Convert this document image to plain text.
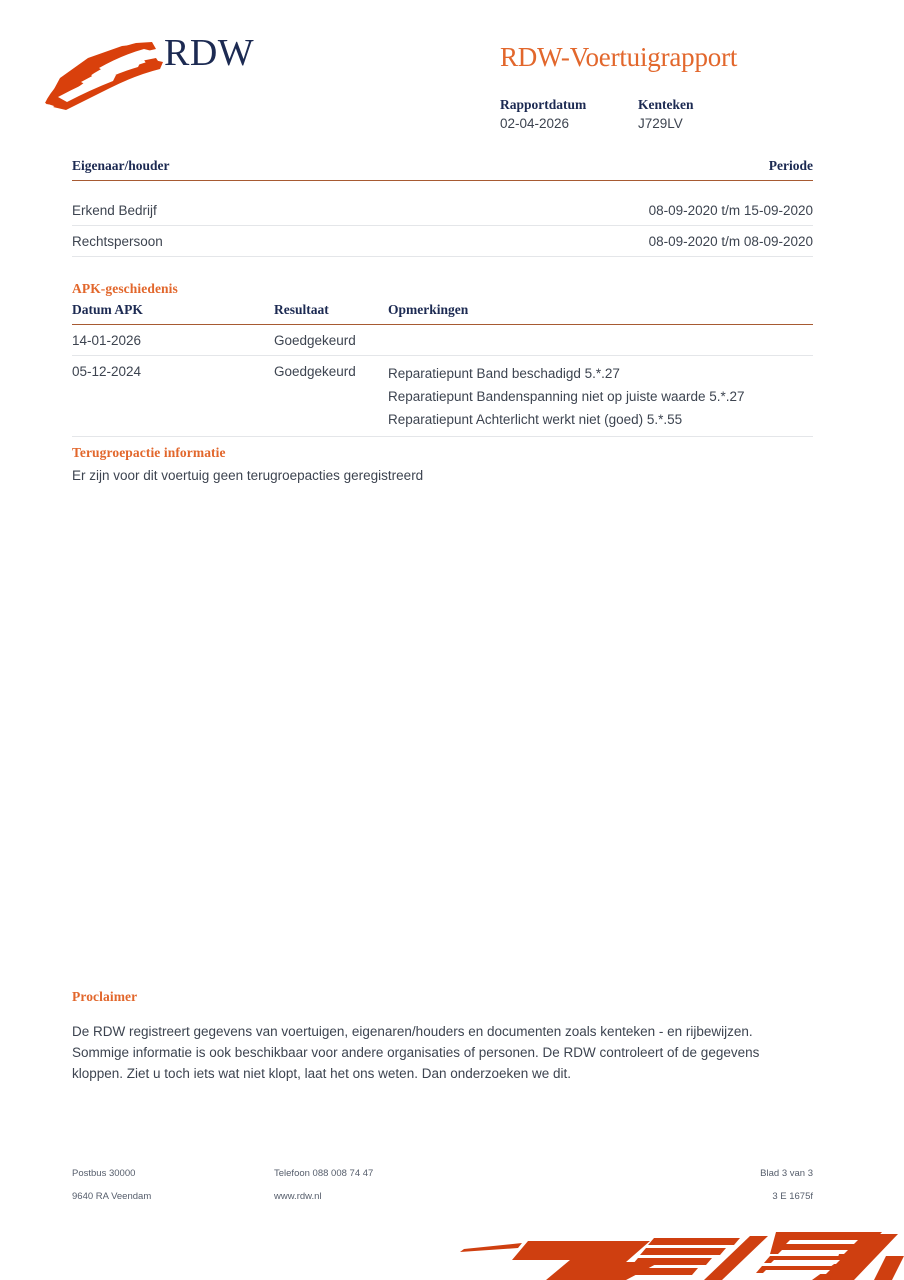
RDW	RDW-Voertuigrapport
Rapportdatum	Kenteken
02-04-2026	J729LV
Eigenaar/houder	Periode

Erkend Bedrijf	08-09-2020 t/m 15-09-2020
Rechtspersoon	08-09-2020 t/m 08-09-2020
APK-geschiedenis
Datum APK	Resultaat	Opmerkingen
14-01-2026	Goedgekeurd	
05-12-2024	Goedgekeurd	Reparatiepunt Band beschadigd 5.*.27
Reparatiepunt Bandenspanning niet op juiste waarde 5.*.27
Reparatiepunt Achterlicht werkt niet (goed) 5.*.55
Terugroepactie informatie
Er zijn voor dit voertuig geen terugroepacties geregistreerd
Proclaimer

De RDW registreert gegevens van voertuigen, eigenaren/houders en documenten zoals kenteken - en rijbewijzen.

Sommige informatie is ook beschikbaar voor andere organisaties of personen. De RDW controleert of de gegevens

kloppen. Ziet u toch iets wat niet klopt, laat het ons weten. Dan onderzoeken we dit.

Postbus 30000	Telefoon 088 008 74 47	Blad 3 van 3
9640 RA Veendam	www.rdw.nl	3 E 1675f
